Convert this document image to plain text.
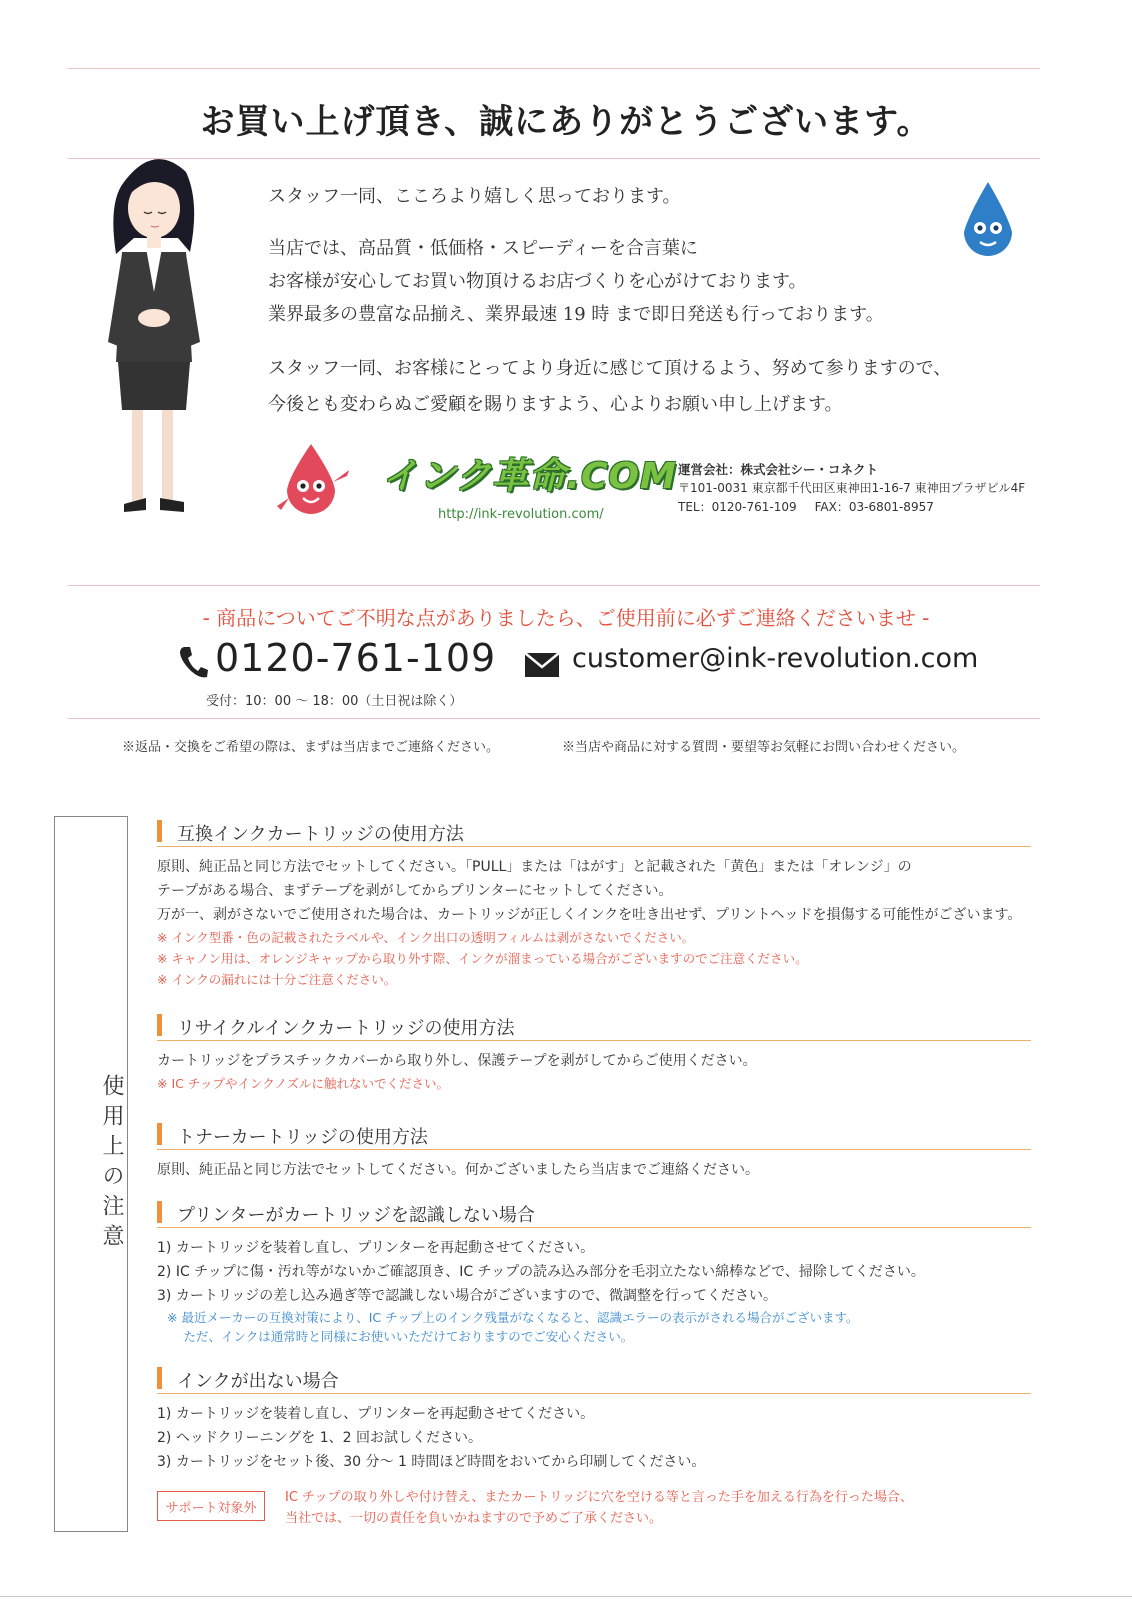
お買い上げ頂き、誠にありがとうございます。
スタッフ一同、こころより嬉しく思っております。
当店では、高品質・低価格・スピーディーを合言葉に
お客様が安心してお買い物頂けるお店づくりを心がけております。
業界最多の豊富な品揃え、業界最速 19 時 まで即日発送も行っております。
スタッフ一同、お客様にとってより身近に感じて頂けるよう、努めて参りますので、
今後とも変わらぬご愛顧を賜りますよう、心よりお願い申し上げます。
インク革命.COM
http://ink-revolution.com/
運営会社：株式会社シー・コネクト
〒101-0031 東京都千代田区東神田1-16-7 東神田プラザビル4F
TEL：0120-761-109 FAX：03-6801-8957
- 商品についてご不明な点がありましたら、ご使用前に必ずご連絡くださいませ -
0120-761-109
受付：10：00 〜 18：00（土日祝は除く）
customer@ink-revolution.com
※返品・交換をご希望の際は、まずは当店までご連絡ください。	※当店や商品に対する質問・要望等お気軽にお問い合わせください。
使用上の注意
互換インクカートリッジの使用方法
原則、純正品と同じ方法でセットしてください。「PULL」または「はがす」と記載された「黄色」または「オレンジ」の
テープがある場合、まずテープを剥がしてからプリンターにセットしてください。
万が一、剥がさないでご使用された場合は、カートリッジが正しくインクを吐き出せず、プリントヘッドを損傷する可能性がございます。
※ インク型番・色の記載されたラベルや、インク出口の透明フィルムは剥がさないでください。
※ キャノン用は、オレンジキャップから取り外す際、インクが溜まっている場合がございますのでご注意ください。
※ インクの漏れには十分ご注意ください。
リサイクルインクカートリッジの使用方法
カートリッジをプラスチックカバーから取り外し、保護テープを剥がしてからご使用ください。
※ IC チップやインクノズルに触れないでください。
トナーカートリッジの使用方法
原則、純正品と同じ方法でセットしてください。何かございましたら当店までご連絡ください。
プリンターがカートリッジを認識しない場合
1) カートリッジを装着し直し、プリンターを再起動させてください。
2) IC チップに傷・汚れ等がないかご確認頂き、IC チップの読み込み部分を毛羽立たない綿棒などで、掃除してください。
3) カートリッジの差し込み過ぎ等で認識しない場合がございますので、微調整を行ってください。
※ 最近メーカーの互換対策により、IC チップ上のインク残量がなくなると、認識エラーの表示がされる場合がございます。
　 ただ、インクは通常時と同様にお使いいただけておりますのでご安心ください。
インクが出ない場合
1) カートリッジを装着し直し、プリンターを再起動させてください。
2) ヘッドクリーニングを 1、2 回お試しください。
3) カートリッジをセット後、30 分〜 1 時間ほど時間をおいてから印刷してください。
サポート対象外
IC チップの取り外しや付け替え、またカートリッジに穴を空ける等と言った手を加える行為を行った場合、
当社では、一切の責任を負いかねますので予めご了承ください。
